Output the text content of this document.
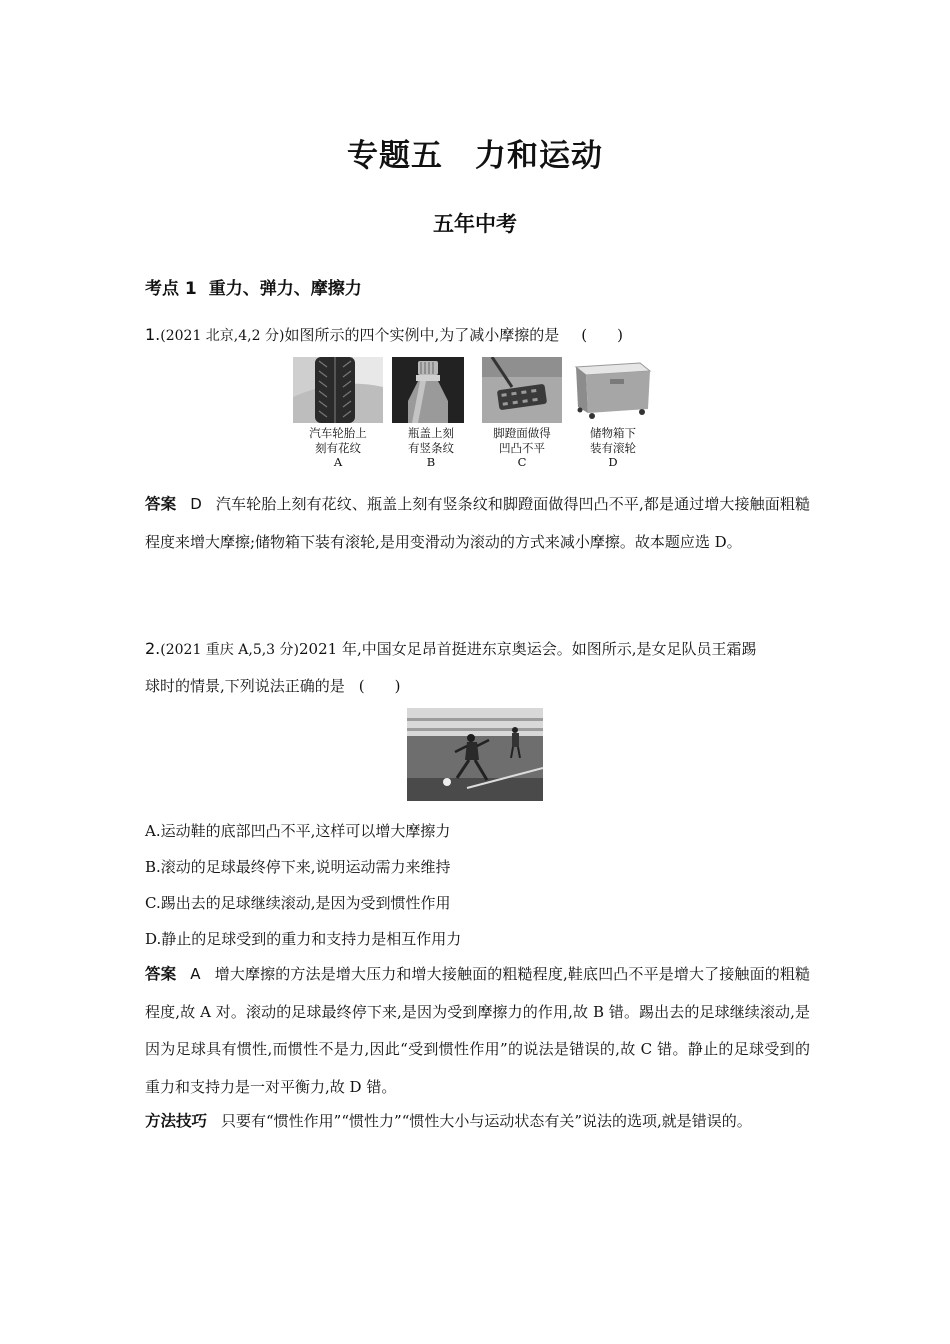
专题五　力和运动
五年中考
考点 1 重力、弹力、摩擦力
1.(2021 北京,4,2 分)如图所示的四个实例中,为了减小摩擦的是 (　　)
汽车轮胎上
刻有花纹
A
瓶盖上刻
有竖条纹
B
脚蹬面做得
凹凸不平
C
储物箱下
装有滚轮
D
答案 D 汽车轮胎上刻有花纹、瓶盖上刻有竖条纹和脚蹬面做得凹凸不平,都是通过增大接触面粗糙程度来增大摩擦;储物箱下装有滚轮,是用变滑动为滚动的方式来减小摩擦。故本题应选 D。
2.(2021 重庆 A,5,3 分)2021 年,中国女足昂首挺进东京奥运会。如图所示,是女足队员王霜踢
球时的情景,下列说法正确的是 (　　)
A.运动鞋的底部凹凸不平,这样可以增大摩擦力
B.滚动的足球最终停下来,说明运动需力来维持
C.踢出去的足球继续滚动,是因为受到惯性作用
D.静止的足球受到的重力和支持力是相互作用力
答案 A 增大摩擦的方法是增大压力和增大接触面的粗糙程度,鞋底凹凸不平是增大了接触面的粗糙程度,故 A 对。滚动的足球最终停下来,是因为受到摩擦力的作用,故 B 错。踢出去的足球继续滚动,是因为足球具有惯性,而惯性不是力,因此“受到惯性作用”的说法是错误的,故 C 错。静止的足球受到的重力和支持力是一对平衡力,故 D 错。
方法技巧 只要有“惯性作用”“惯性力”“惯性大小与运动状态有关”说法的选项,就是错误的。
